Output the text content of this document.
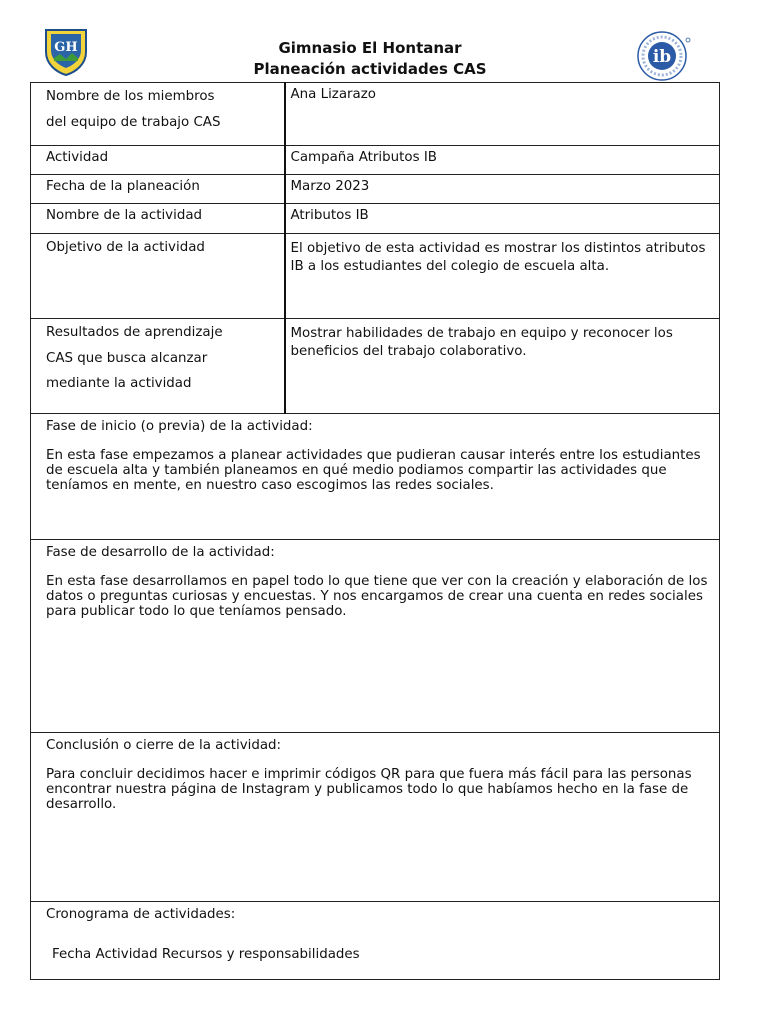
GH	Gimnasio El Hontanar
Planeación actividades CAS
ib
Nombre de los miembros
del equipo de trabajo CAS	Ana Lizarazo
Actividad	Campaña Atributos IB
Fecha de la planeación	Marzo 2023
Nombre de la actividad	Atributos IB
Objetivo de la actividad	El objetivo de esta actividad es mostrar los distintos atributos IB a los estudiantes del colegio de escuela alta.

Resultados de aprendizaje
CAS que busca alcanzar
mediante la actividad	Mostrar habilidades de trabajo en equipo y reconocer los beneficios del trabajo colaborativo.

Fase de inicio (o previa) de la actividad:
En esta fase empezamos a planear actividades que pudieran causar interés entre los estudiantes de escuela alta y también planeamos en qué medio podiamos compartir las actividades que teníamos en mente, en nuestro caso escogimos las redes sociales.	

Fase de desarrollo de la actividad:
En esta fase desarrollamos en papel todo lo que tiene que ver con la creación y elaboración de los datos o preguntas curiosas y encuestas. Y nos encargamos de crear una cuenta en redes sociales para publicar todo lo que teníamos pensado.	

Conclusión o cierre de la actividad:
Para concluir decidimos hacer e imprimir códigos QR para que fuera más fácil para las personas encontrar nuestra página de Instagram y publicamos todo lo que habíamos hecho en la fase de desarrollo.	

Cronograma de actividades:
Fecha Actividad Recursos y responsabilidades	
